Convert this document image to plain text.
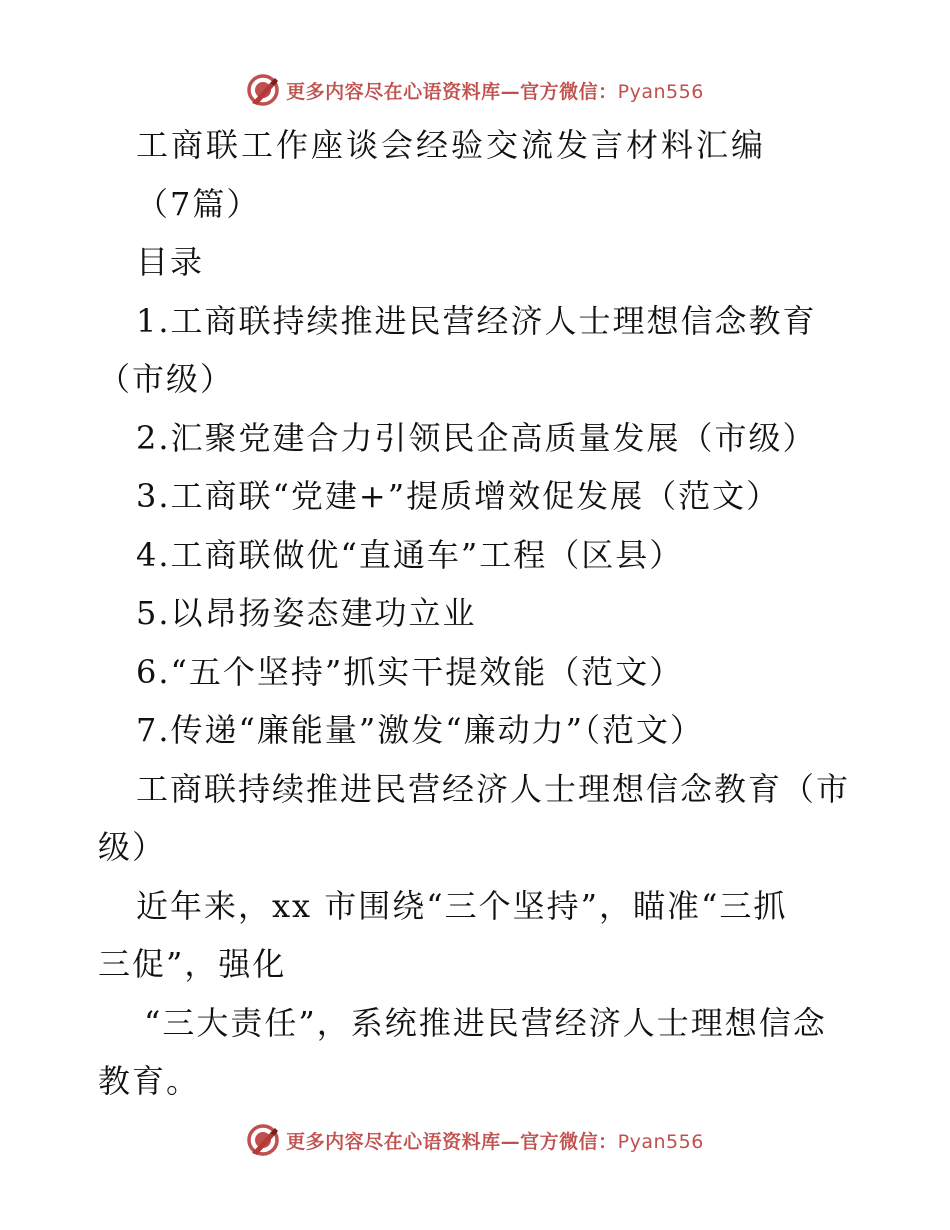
更多内容尽在心语资料库—官方微信：Pyan556
工商联工作座谈会经验交流发言材料汇编
（7篇）
目录
1.工商联持续推进民营经济人士理想信念教育
（市级）
2.汇聚党建合力引领民企高质量发展（市级）
3.工商联“党建+”提质增效促发展（范文）
4.工商联做优“直通车”工程（区县）
5.以昂扬姿态建功立业
6.“五个坚持”抓实干提效能（范文）
7.传递“廉能量”激发“廉动力”（范文）
工商联持续推进民营经济人士理想信念教育（市
级）
近年来，xx 市围绕“三个坚持”，瞄准“三抓
三促”，强化
“三大责任”，系统推进民营经济人士理想信念
教育。
更多内容尽在心语资料库—官方微信：Pyan556
